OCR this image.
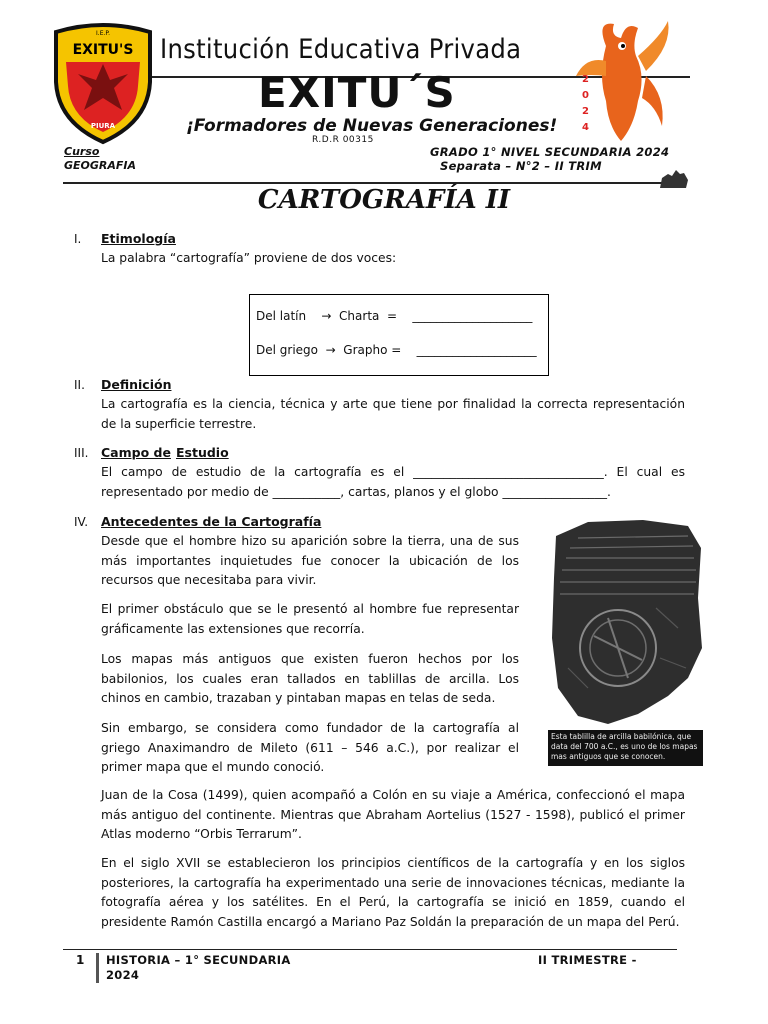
I.E.P.
EXITU'S
PIURA
2
0
2
4
Institución Educativa Privada
EXITU´S
¡Formadores de Nuevas Generaciones!
R.D.R 00315
Curso
GEOGRAFIA
GRADO 1° NIVEL SECUNDARIA 2024
Separata – N°2 – II TRIM
CARTOGRAFÍA II
I. Etimología
La palabra “cartografía” proviene de dos voces:
Del latín    →  Charta  =    ____________________
Del griego  →  Grapho =    ____________________
II. Definición
La cartografía es la ciencia, técnica y arte que tiene por finalidad la correcta representación de la superficie terrestre.
III. Campo de Estudio
El campo de estudio de la cartografía es el _______________________________. El cual es representado por medio de ___________, cartas, planos y el globo _________________.
IV. Antecedentes de la Cartografía
Desde que el hombre hizo su aparición sobre la tierra, una de sus más importantes inquietudes fue conocer la ubicación de los recursos que necesitaba para vivir.
El primer obstáculo que se le presentó al hombre fue representar gráficamente las extensiones que recorría.
Los mapas más antiguos que existen fueron hechos por los babilonios, los cuales eran tallados en tablillas de arcilla. Los chinos en cambio, trazaban y pintaban mapas en telas de seda.
Sin embargo, se considera como fundador de la cartografía al griego Anaximandro de Mileto (611 – 546 a.C.), por realizar el primer mapa que el mundo conoció.
Juan de la Cosa (1499), quien acompañó a Colón en su viaje a América, confeccionó el mapa más antiguo del continente. Mientras que Abraham Aortelius (1527 - 1598), publicó el primer Atlas moderno “Orbis Terrarum”.
En el siglo XVII se establecieron los principios científicos de la cartografía y en los siglos posteriores, la cartografía ha experimentado una serie de innovaciones técnicas, mediante la fotografía aérea y los satélites. En el Perú, la cartografía se inició en 1859, cuando el presidente Ramón Castilla encargó a Mariano Paz Soldán la preparación de un mapa del Perú.
Esta tablilla de arcilla babilónica, que data del 700 a.C., es uno de los mapas mas antiguos que se conocen.
1 HISTORIA – 1° SECUNDARIA
2024
II TRIMESTRE -
